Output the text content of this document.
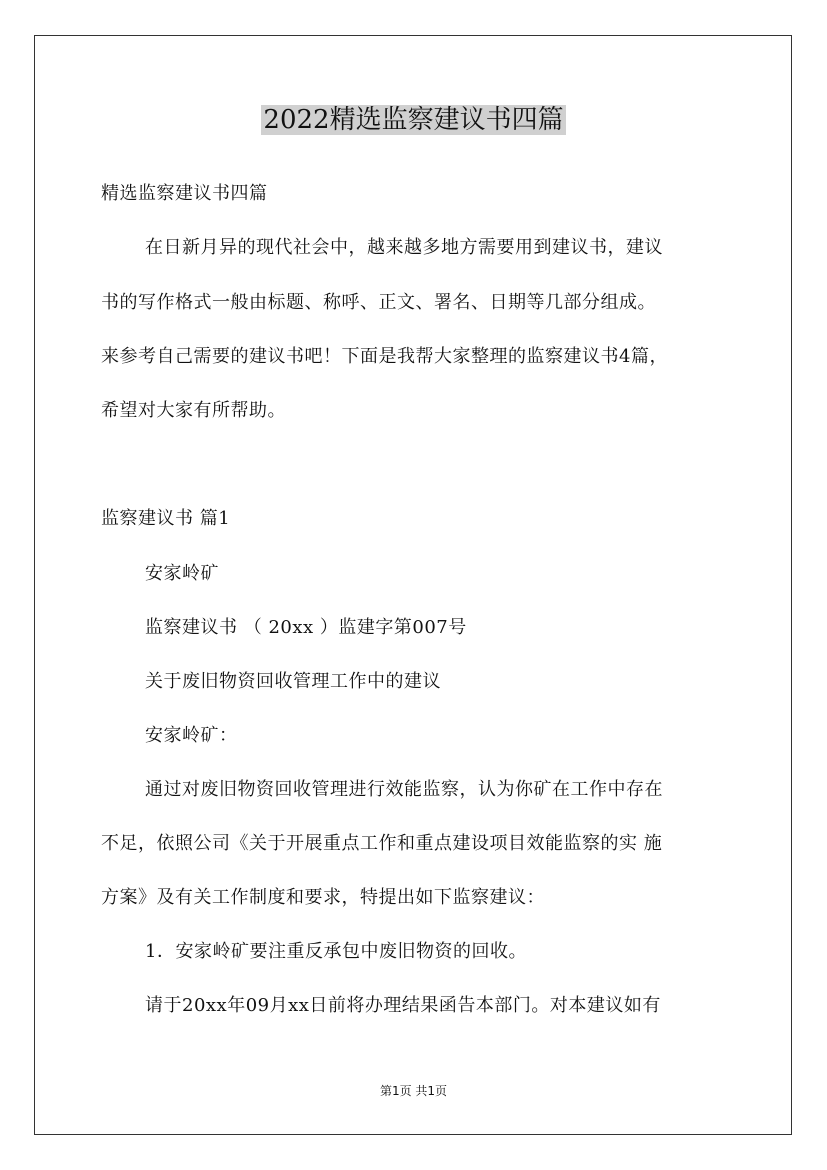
2022精选监察建议书四篇
精选监察建议书四篇
在日新月异的现代社会中，越来越多地方需要用到建议书，建议
书的写作格式一般由标题、称呼、正文、署名、日期等几部分组成。
来参考自己需要的建议书吧！下面是我帮大家整理的监察建议书4篇，
希望对大家有所帮助。
监察建议书 篇1
安家岭矿
监察建议书 （ 20xx ）监建字第007号
关于废旧物资回收管理工作中的建议
安家岭矿：
通过对废旧物资回收管理进行效能监察，认为你矿在工作中存在
不足，依照公司《关于开展重点工作和重点建设项目效能监察的实 施
方案》及有关工作制度和要求，特提出如下监察建议：
1．安家岭矿要注重反承包中废旧物资的回收。
请于20xx年09月xx日前将办理结果函告本部门。对本建议如有
第1页 共1页
